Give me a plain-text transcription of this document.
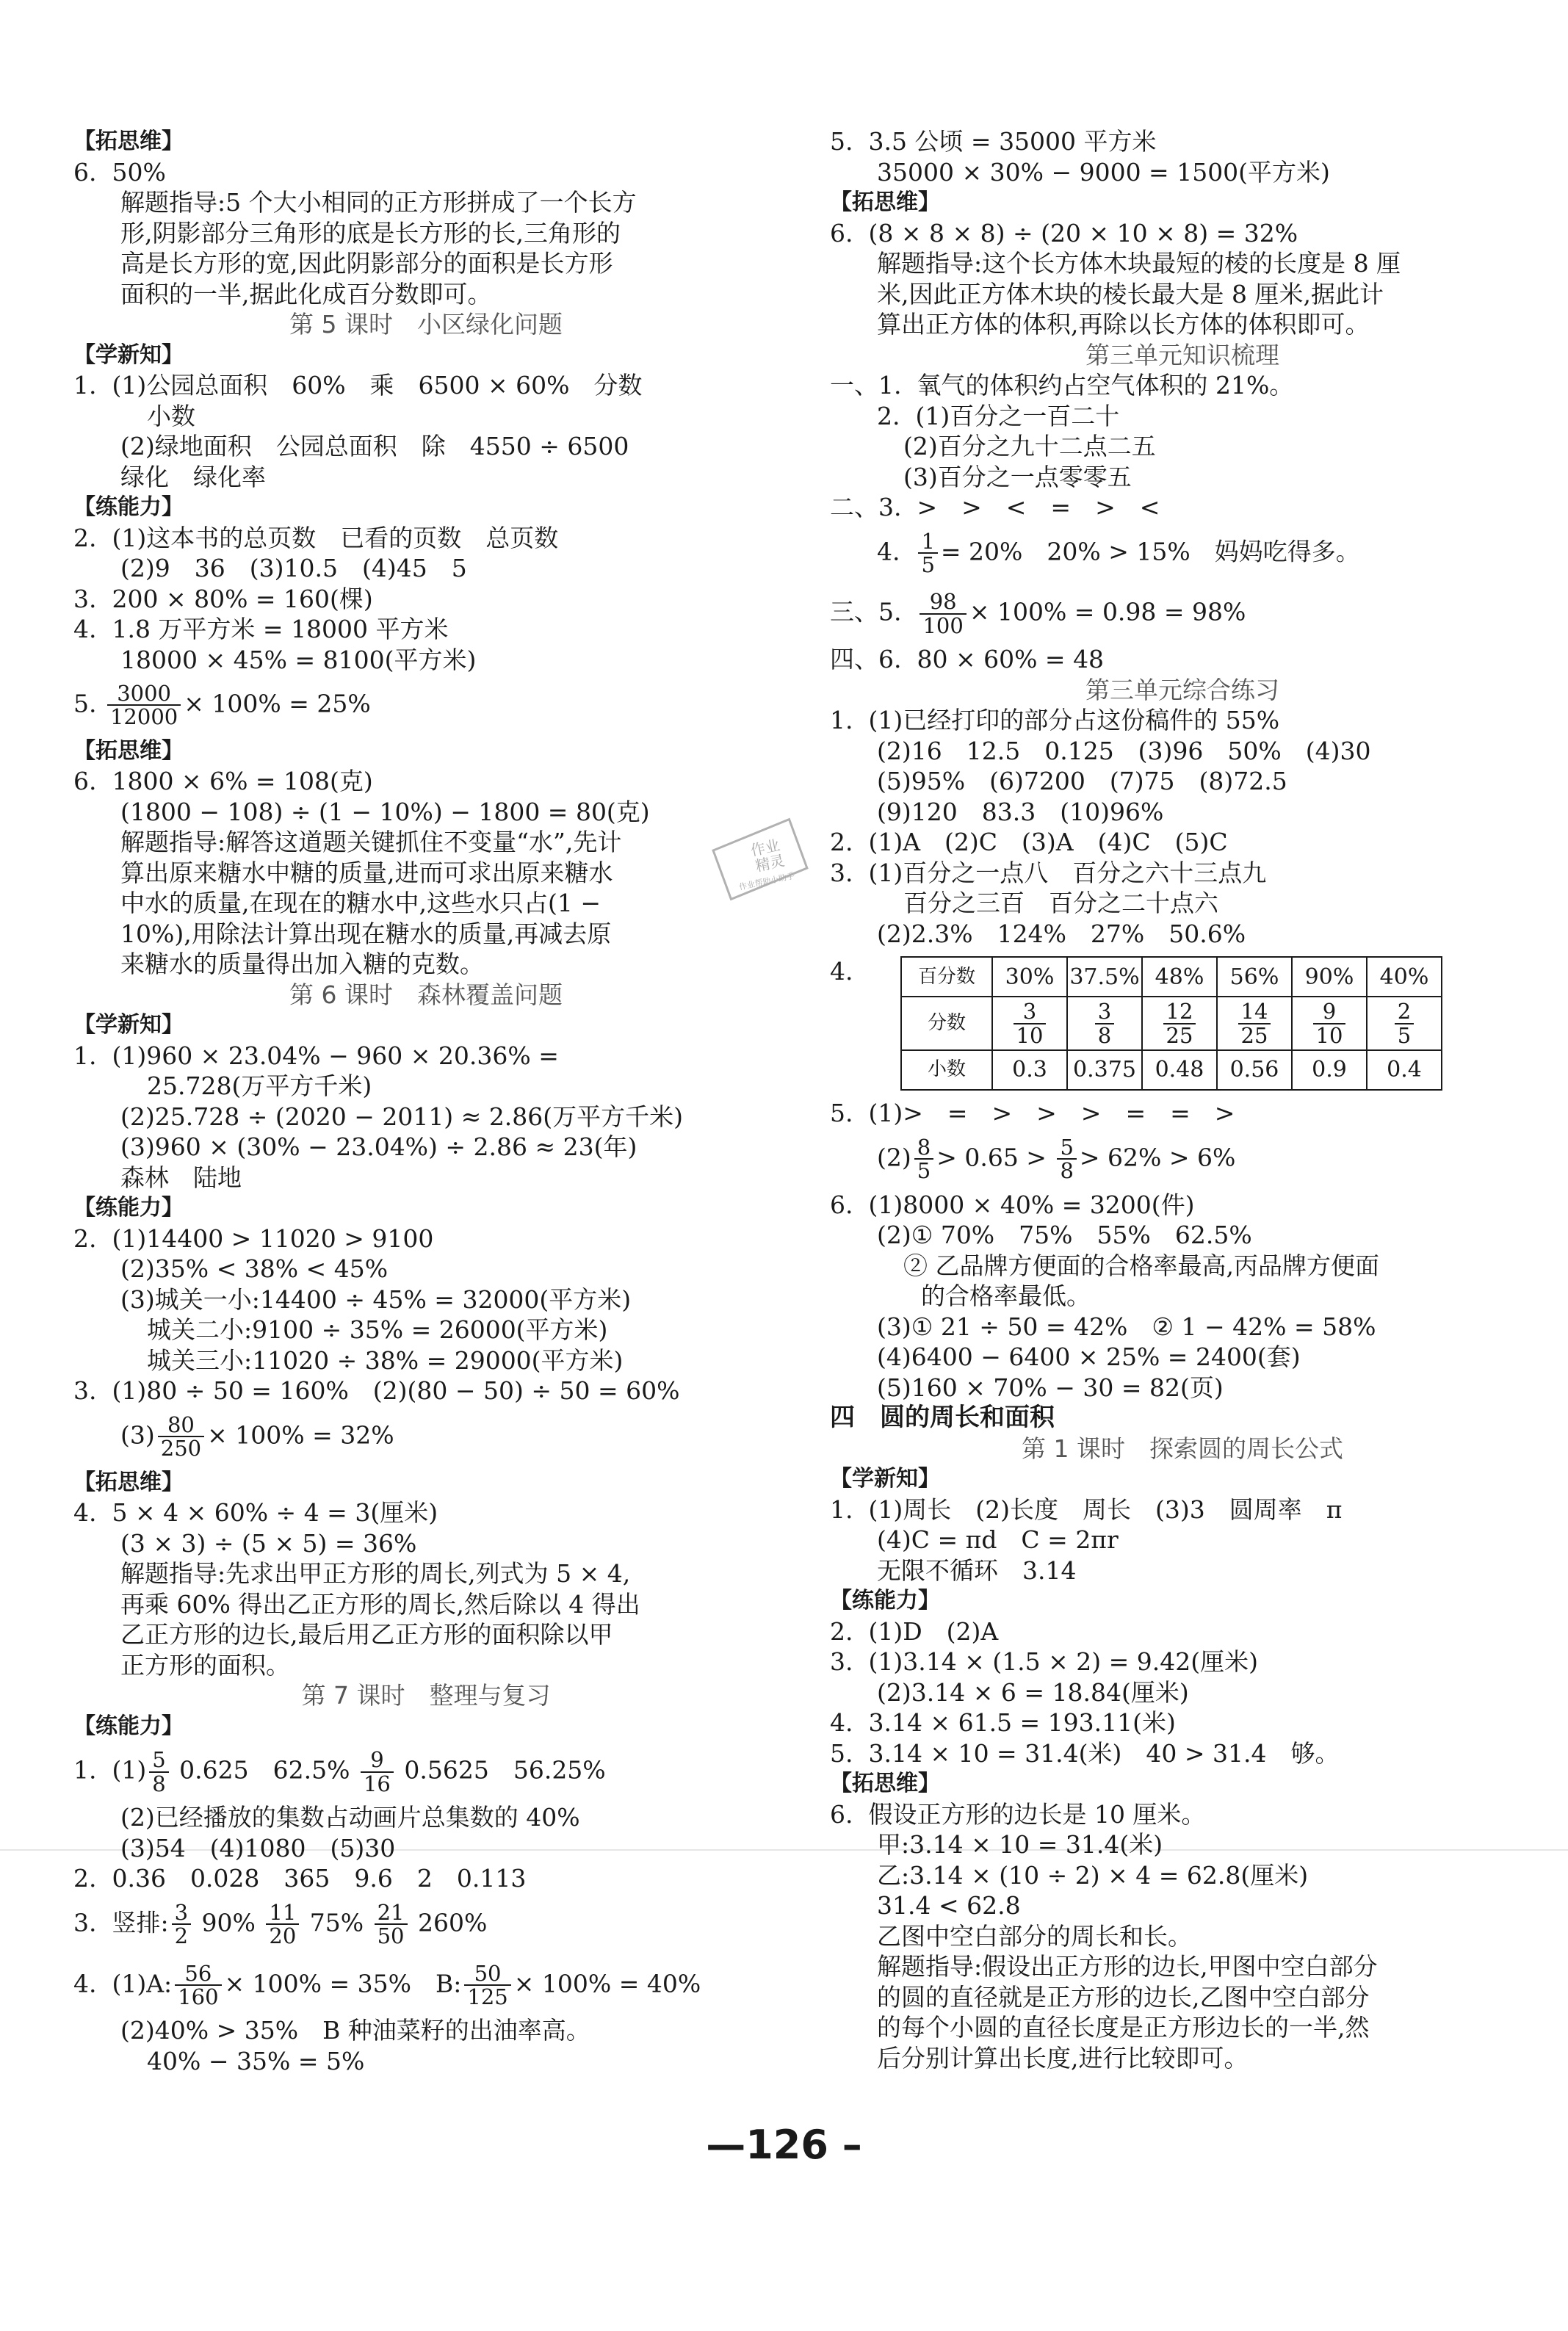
【拓思维】
6.  50%
解题指导:5 个大小相同的正方形拼成了一个长方
形,阴影部分三角形的底是长方形的长,三角形的
高是长方形的宽,因此阴影部分的面积是长方形
面积的一半,据此化成百分数即可。
第 5 课时　小区绿化问题
【学新知】
1.  (1)公园总面积　60%　乘　6500 × 60%　分数
小数
(2)绿地面积　公园总面积　除　4550 ÷ 6500
绿化　绿化率
【练能力】
2.  (1)这本书的总页数　已看的页数　总页数
(2)9　36　(3)10.5　(4)45　5
3.  200 × 80% = 160(棵)
4.  1.8 万平方米 = 18000 平方米
18000 × 45% = 8100(平方米)
5. $\frac{3000}{12000} \times 100\% = 25\%$
【拓思维】
6.  1800 × 6% = 108(克)
(1800 − 108) ÷ (1 − 10%) − 1800 = 80(克)
解题指导:解答这道题关键抓住不变量“水”,先计
算出原来糖水中糖的质量,进而可求出原来糖水
中水的质量,在现在的糖水中,这些水只占(1 −
10%),用除法计算出现在糖水的质量,再减去原
来糖水的质量得出加入糖的克数。
第 6 课时　森林覆盖问题
【学新知】
1.  (1)960 × 23.04% − 960 × 20.36% =
25.728(万平方千米)
(2)25.728 ÷ (2020 − 2011) ≈ 2.86(万平方千米)
(3)960 × (30% − 23.04%) ÷ 2.86 ≈ 23(年)
森林　陆地
【练能力】
2.  (1)14400 > 11020 > 9100
(2)35% < 38% < 45%
(3)城关一小:14400 ÷ 45% = 32000(平方米)
城关二小:9100 ÷ 35% = 26000(平方米)
城关三小:11020 ÷ 38% = 29000(平方米)
3.  (1)80 ÷ 50 = 160%　(2)(80 − 50) ÷ 50 = 60%
$(3) \frac{80}{250} \times 100\% = 32\%$
【拓思维】
4.  5 × 4 × 60% ÷ 4 = 3(厘米)
(3 × 3) ÷ (5 × 5) = 36%
解题指导:先求出甲正方形的周长,列式为 5 × 4,
再乘 60% 得出乙正方形的周长,然后除以 4 得出
乙正方形的边长,最后用乙正方形的面积除以甲
正方形的面积。
第 7 课时　整理与复习
【练能力】
1.  $(1) \frac{5}{8} 0.625$　$62.5\% \frac{9}{16} 0.5625$　56.25%
(2)已经播放的集数占动画片总集数的 40%
(3)54　(4)1080　(5)30
2.  0.36　0.028　365　9.6　2　0.113
3.  竖排: $\frac{3}{2} 90\% \frac{11}{20} 75\% \frac{21}{50} 260\%$
4.  (1)A: $\frac{56}{160} \times 100\% = 35\%$　B: $\frac{50}{125} \times 100\% = 40\%$
(2)40% > 35%　B 种油菜籽的出油率高。
40% − 35% = 5%
5.  3.5 公顷 = 35000 平方米
35000 × 30% − 9000 = 1500(平方米)
【拓思维】
6.  (8 × 8 × 8) ÷ (20 × 10 × 8) = 32%
解题指导:这个长方体木块最短的棱的长度是 8 厘
米,因此正方体木块的棱长最大是 8 厘米,据此计
算出正方体的体积,再除以长方体的体积即可。
第三单元知识梳理
一、1.  氧气的体积约占空气体积的 21%。
2.  (1)百分之一百二十
(2)百分之九十二点二五
(3)百分之一点零零五
二、3.  >　>　<　=　>　<
4. $\frac{1}{5} = 20\%$　20% > 15%　妈妈吃得多。
三、5. $\frac{98}{100} \times 100\% = 0.98 = 98\%$
四、6.  80 × 60% = 48
第三单元综合练习
1.  (1)已经打印的部分占这份稿件的 55%
(2)16　12.5　0.125　(3)96　50%　(4)30
(5)95%　(6)7200　(7)75　(8)72.5
(9)120　83.3　(10)96%
2.  (1)A　(2)C　(3)A　(4)C　(5)C
3.  (1)百分之一点八　百分之六十三点九
百分之三百　百分之二十点六
(2)2.3%　124%　27%　50.6%
4.	百分数	30%	37.5%	48%	56%	90%	40%
分数	$\frac{3}{10}$	$\frac{3}{8}$	$\frac{12}{25}$	$\frac{14}{25}$	$\frac{9}{10}$	$\frac{2}{5}$

小数	0.3	0.375	0.48	0.56	0.9	0.4
5.  (1)>　=　>　>　>　=　=　>
$(2) \frac{8}{5} > 0.65 > \frac{5}{8} > 62\% > 6\%$
6.  (1)8000 × 40% = 3200(件)
(2)① 70%　75%　55%　62.5%
② 乙品牌方便面的合格率最高,丙品牌方便面
的合格率最低。
(3)① 21 ÷ 50 = 42%　② 1 − 42% = 58%
(4)6400 − 6400 × 25% = 2400(套)
(5)160 × 70% − 30 = 82(页)
四　圆的周长和面积
第 1 课时　探索圆的周长公式
【学新知】
1.  (1)周长　(2)长度　周长　(3)3　圆周率　π
(4)C = πd　C = 2πr
无限不循环　3.14
【练能力】
2.  (1)D　(2)A
3.  (1)3.14 × (1.5 × 2) = 9.42(厘米)
(2)3.14 × 6 = 18.84(厘米)
4.  3.14 × 61.5 = 193.11(米)
5.  3.14 × 10 = 31.4(米)　40 > 31.4　够。
【拓思维】
6.  假设正方形的边长是 10 厘米。
甲:3.14 × 10 = 31.4(米)
乙:3.14 × (10 ÷ 2) × 4 = 62.8(厘米)
31.4 < 62.8
乙图中空白部分的周长和长。
解题指导:假设出正方形的边长,甲图中空白部分
的圆的直径就是正方形的边长,乙图中空白部分
的每个小圆的直径长度是正方形边长的一半,然
后分别计算出长度,进行比较即可。
作业
精灵
作业帮助小助手
—126 –
